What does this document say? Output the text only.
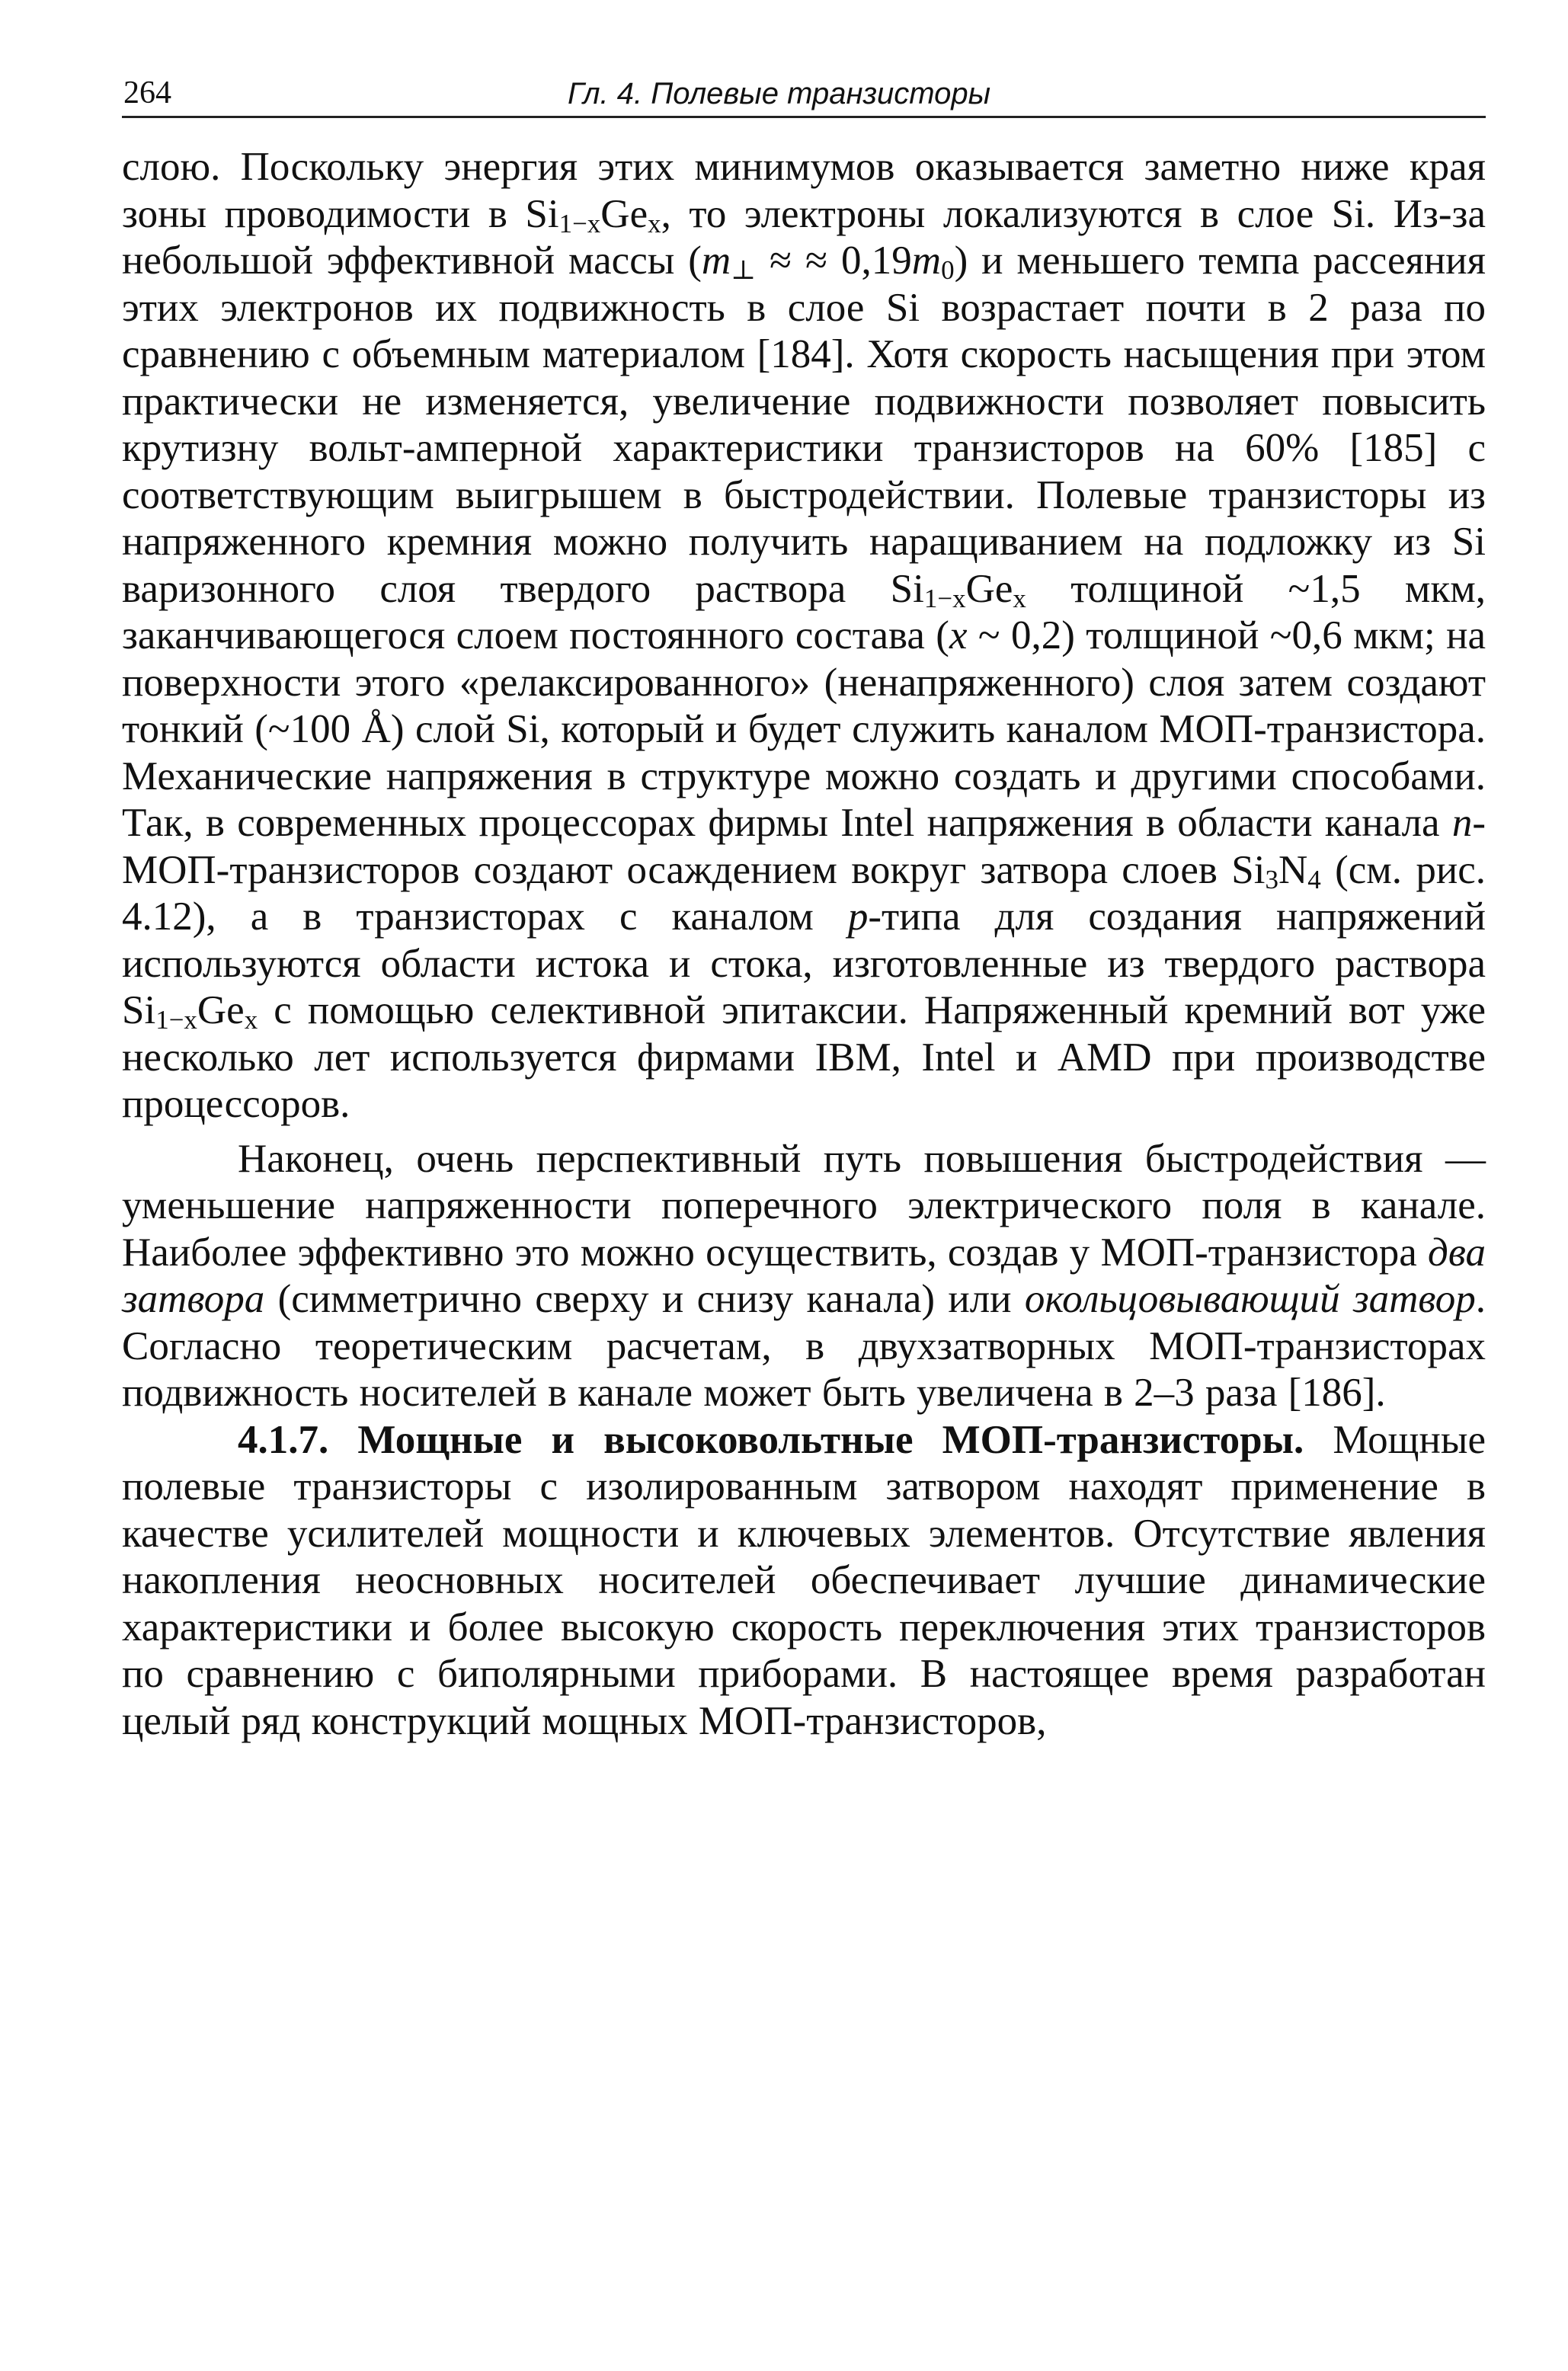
264	Гл. 4. Полевые транзисторы

слою. Поскольку энергия этих минимумов оказывается заметно ниже края зоны проводимости в $Si_{1-x}Ge_x$, то электроны локализуются в слое Si. Из-за небольшой эффективной массы ($m_\perp$ ≈ ≈ $0,19m_0$) и меньшего темпа рассеяния этих электронов их подвижность в слое Si возрастает почти в 2 раза по сравнению с объемным материалом [184]. Хотя скорость насыщения при этом практически не изменяется, увеличение подвижности позволяет повысить крутизну вольт-амперной характеристики транзисторов на 60% [185] с соответствующим выигрышем в быстродействии. Полевые транзисторы из напряженного кремния можно получить наращиванием на подложку из Si варизонного слоя твердого раствора $Si_{1-x}Ge_x$ толщиной ~1,5 мкм, заканчивающегося слоем постоянного состава (x ~ 0,2) толщиной ~0,6 мкм; на поверхности этого «релаксированного» (ненапряженного) слоя затем создают тонкий (~100 Å) слой Si, который и будет служить каналом МОП-транзистора. Механические напряжения в структуре можно создать и другими способами. Так, в современных процессорах фирмы Intel напряжения в области канала n-МОП-транзисторов создают осаждением вокруг затвора слоев $Si_3N_4$ (см. рис. 4.12), а в транзисторах с каналом p-типа для создания напряжений используются области истока и стока, изготовленные из твердого раствора $Si_{1-x}Ge_x$ с помощью селективной эпитаксии. Напряженный кремний вот уже несколько лет используется фирмами IBM, Intel и AMD при производстве процессоров.

Наконец, очень перспективный путь повышения быстродействия — уменьшение напряженности поперечного электрического поля в канале. Наиболее эффективно это можно осуществить, создав у МОП-транзистора два затвора (симметрично сверху и снизу канала) или окольцовывающий затвор. Согласно теоретическим расчетам, в двухзатворных МОП-транзисторах подвижность носителей в канале может быть увеличена в 2–3 раза [186].

4.1.7. Мощные и высоковольтные МОП-транзисторы. Мощные полевые транзисторы с изолированным затвором находят применение в качестве усилителей мощности и ключевых элементов. Отсутствие явления накопления неосновных носителей обеспечивает лучшие динамические характеристики и более высокую скорость переключения этих транзисторов по сравнению с биполярными приборами. В настоящее время разработан целый ряд конструкций мощных МОП-транзисторов,
